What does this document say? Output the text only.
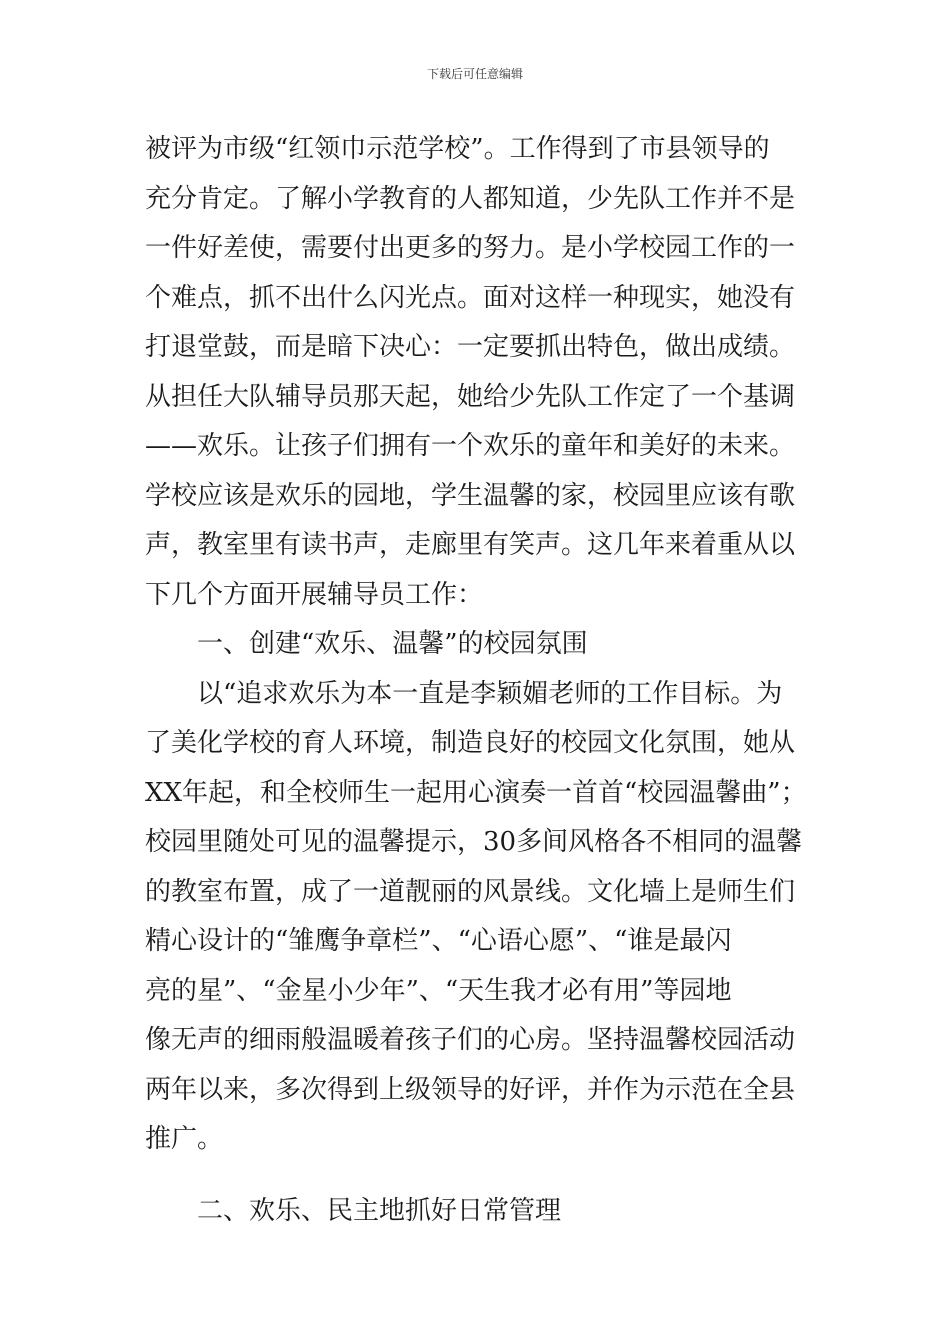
下载后可任意编辑
被评为市级“红领巾示范学校”。工作得到了市县领导的
充分肯定。了解小学教育的人都知道，少先队工作并不是
一件好差使，需要付出更多的努力。是小学校园工作的一
个难点，抓不出什么闪光点。面对这样一种现实，她没有
打退堂鼓，而是暗下决心：一定要抓出特色，做出成绩。
从担任大队辅导员那天起，她给少先队工作定了一个基调
——欢乐。让孩子们拥有一个欢乐的童年和美好的未来。
学校应该是欢乐的园地，学生温馨的家，校园里应该有歌
声，教室里有读书声，走廊里有笑声。这几年来着重从以
下几个方面开展辅导员工作：
一、创建“欢乐、温馨”的校园氛围
以“追求欢乐为本一直是李颖媚老师的工作目标。为
了美化学校的育人环境，制造良好的校园文化氛围，她从
XX年起，和全校师生一起用心演奏一首首“校园温馨曲”；
校园里随处可见的温馨提示，30多间风格各不相同的温馨
的教室布置，成了一道靓丽的风景线。文化墙上是师生们
精心设计的“雏鹰争章栏”、“心语心愿”、“谁是最闪
亮的星”、“金星小少年”、“天生我才必有用”等园地
像无声的细雨般温暖着孩子们的心房。坚持温馨校园活动
两年以来，多次得到上级领导的好评，并作为示范在全县
推广。
二、欢乐、民主地抓好日常管理
